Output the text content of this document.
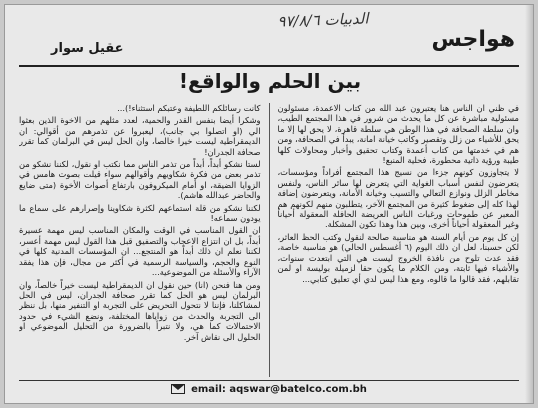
الدبيات ٩٧/٨/٦
هواجس
عقيل سوار
بين الحلم والواقع!

في ظني ان الناس هنا يعتبرون عبد الله من كتاب الاعمدة، مسئولون مسئولية مباشرة عن كل ما يحدث من شرور في هذا المجتمع الطيب، وان سلطة الصحافة في هذا الوطن هي سلطة قاهرة، لا يحق لها إلا ما يحق للأشياء من زلل وتقصير وكاتب خيانة امانة، يبدأ في الصحافة، ومن هم في خدمتها من كتاب أعمدة وكتاب تحقيق وأخبار ومحاولات كلها طيبة ورؤية ذاتية محطورة، فحلية المنبع!

لا يتجاوزون كونهم جزءا من نسيج هذا المجتمع أفراداً ومؤسسات، يتعرضون لنفس أسباب الغواية التي يتعرض لها سائر الناس، ولنفس مخاطر الزلل ونوازع التعالي والتسيب وخيانة الأمانة، ويتعرضون إضافة لهذا كله إلى ضغوط كثيرة من المجتمع الآخر، يتطلبون منهم لكونهم هم المعبر عن طموحات ورغبات الناس العريضة الحافلة المعقولة أحياناً وغير المعقولة أحياناً أخرى، وبين هذا وهذا تكون المشكلة.

إن كل يوم من أيام السنة هو مناسبة صالحة لنقول وكتب الحظ العاثر، لكن حسبنا، لعل ان ذلك اليوم (٦ أغسطس الحالي) هو مناسبة خاصة، فقد عدت تلوح من نافذة الخروج ليست هي التي ابتعدت سنوات، والأشياء فيها ثابتة، ومن الكلام ما يكون حقا لزميلة بوليسة او لمن تقابلهم، فقد قالوا ما قالوه، ومع هذا ليس لدي أي تعليق كتابي...

كانت رسائلكم اللطيفة وعتبكم استثناء!)...

وشكرا أيضا بنفس القدر والحمية، لعدد مثلهم من الاخوة الذين بعثوا الي (او اتصلوا بي جانب)، ليعبروا عن تذمرهم من أقوالي: ان الديمقراطية ليست خيرا خالصا، وان الحل ليس في البرلمان كما تقرر صحافة الجدران!

لستا نشكو أبداً، أبداً من تذمر الناس مما نكتب او نقول، لكننا نشكو من تذمر بعض من فكرة شكاويهم وأقوالهم سواء قيلت بصوت هامس في الزوايا الضيقة، او أمام الميكروفون بارتفاع أصوات الأخوة (متى ضايع والحاضر عبدالله هاشم).

لكننا نشكو من قلة استماعهم لكثرة شكاوينا وإصرارهم على سماع ما يودون سماعه!

ان القول المناسب في الوقت والمكان المناسب ليس مهمة عسيرة أبداً، بل ان انتزاع الاعجاب والتصفيق قبل هذا القول ليس مهمة أعسر، لكننا نعلم ان ذلك أبداً هو المنتجع... ان المؤسسات المدنية كلها في النوع والحجم، والسياسة الرسمية في أكثر من مجال، فإن هذا يفقد الآراء والأسئلة من الموضوعية...

ومن هنا فنحن (انا) حين نقول ان الديمقراطية ليست خيراً خالصاً، وان البرلمان ليس هو الحل كما تقرر صحافة الجدران، ليس في الحل لمشاكلنا، فإننا لا نتحول التحريض على التجربة او التنفير منها، بل ننظر الى التجربة والحدث من زواياها المختلفة، ونضع الشيء في حدود الاحتمالات كما هي، ولا نتبرأ بالضرورة من التحليل الموضوعي او الحلول الى نقاش آخر.

email: aqswar@batelco.com.bh
